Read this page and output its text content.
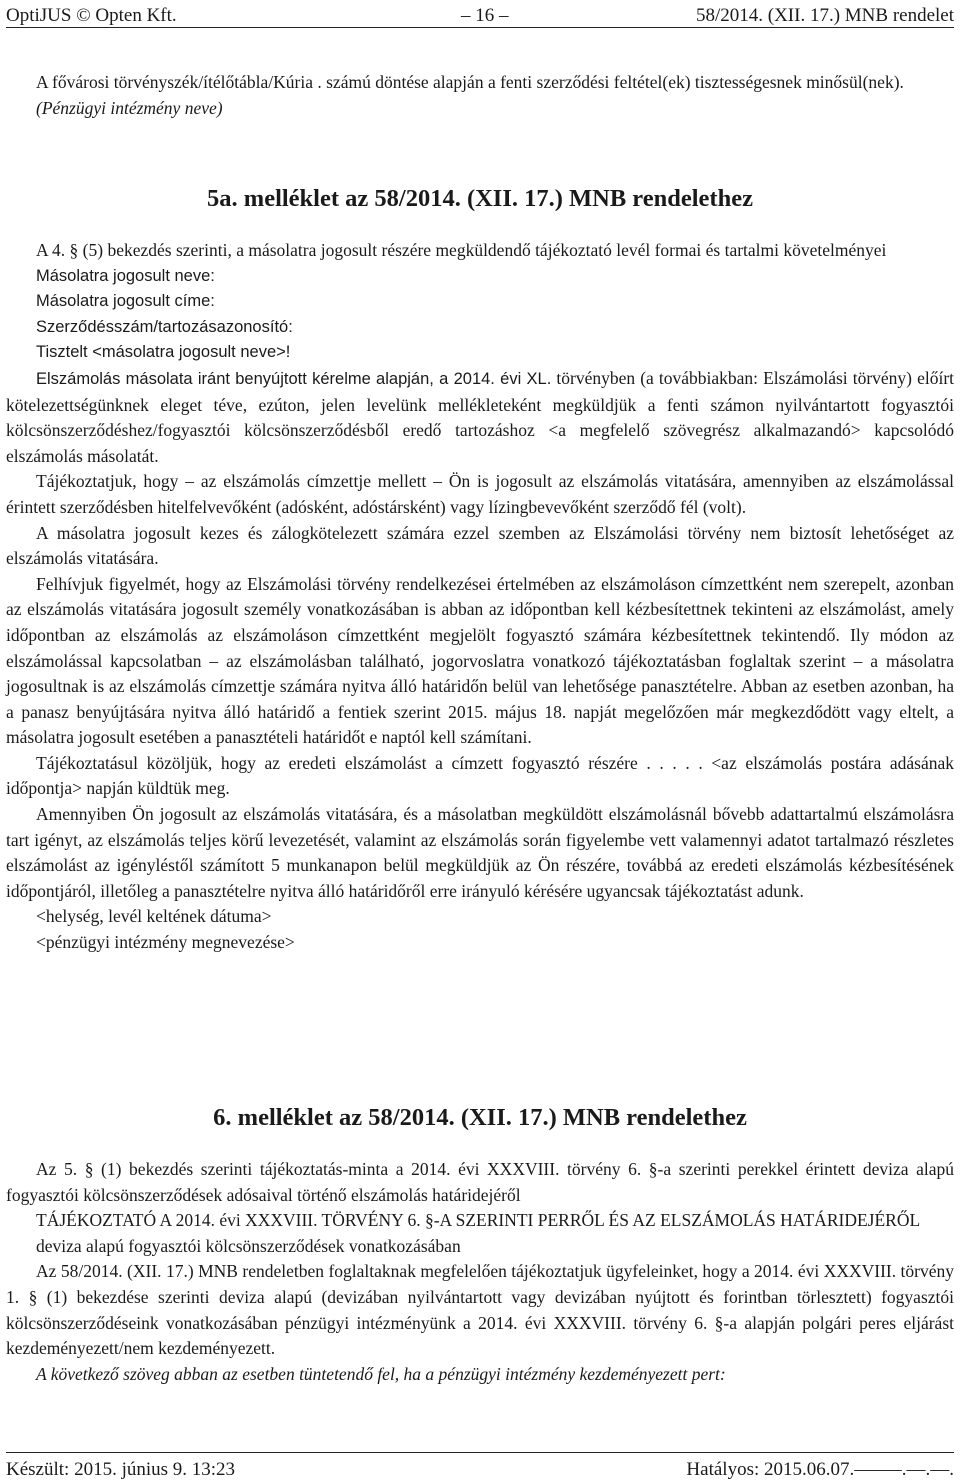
OptiJUS © Opten Kft.	– 16 –	58/2014. (XII. 17.) MNB rendelet

A fővárosi törvényszék/ítélőtábla/Kúria . számú döntése alapján a fenti szerződési feltétel(ek) tisztességesnek minősül(nek).

(Pénzügyi intézmény neve)

5a. melléklet az 58/2014. (XII. 17.) MNB rendelethez

A 4. § (5) bekezdés szerinti, a másolatra jogosult részére megküldendő tájékoztató levél formai és tartalmi követelményei

Másolatra jogosult neve:

Másolatra jogosult címe:

Szerződésszám/tartozásazonosító:

Tisztelt <másolatra jogosult neve>!

Elszámolás másolata iránt benyújtott kérelme alapján, a 2014. évi XL. törvényben (a továbbiakban: Elszámolási törvény) előírt kötelezettségünknek eleget téve, ezúton, jelen levelünk mellékleteként megküldjük a fenti számon nyilvántartott fogyasztói kölcsönszerződéshez/fogyasztói kölcsönszerződésből eredő tartozáshoz <a megfelelő szövegrész alkalmazandó> kapcsolódó elszámolás másolatát.

Tájékoztatjuk, hogy – az elszámolás címzettje mellett – Ön is jogosult az elszámolás vitatására, amennyiben az elszámolással érintett szerződésben hitelfelvevőként (adósként, adóstársként) vagy lízingbevevőként szerződő fél (volt).

A másolatra jogosult kezes és zálogkötelezett számára ezzel szemben az Elszámolási törvény nem biztosít lehetőséget az elszámolás vitatására.

Felhívjuk figyelmét, hogy az Elszámolási törvény rendelkezései értelmében az elszámoláson címzettként nem szerepelt, azonban az elszámolás vitatására jogosult személy vonatkozásában is abban az időpontban kell kézbesítettnek tekinteni az elszámolást, amely időpontban az elszámolás az elszámoláson címzettként megjelölt fogyasztó számára kézbesítettnek tekintendő. Ily módon az elszámolással kapcsolatban – az elszámolásban található, jogorvoslatra vonatkozó tájékoztatásban foglaltak szerint – a másolatra jogosultnak is az elszámolás címzettje számára nyitva álló határidőn belül van lehetősége panasztételre. Abban az esetben azonban, ha a panasz benyújtására nyitva álló határidő a fentiek szerint 2015. május 18. napját megelőzően már megkezdődött vagy eltelt, a másolatra jogosult esetében a panasztételi határidőt e naptól kell számítani.

Tájékoztatásul közöljük, hogy az eredeti elszámolást a címzett fogyasztó részére . . . . . <az elszámolás postára adásának időpontja> napján küldtük meg.

Amennyiben Ön jogosult az elszámolás vitatására, és a másolatban megküldött elszámolásnál bővebb adattartalmú elszámolásra tart igényt, az elszámolás teljes körű levezetését, valamint az elszámolás során figyelembe vett valamennyi adatot tartalmazó részletes elszámolást az igényléstől számított 5 munkanapon belül megküldjük az Ön részére, továbbá az eredeti elszámolás kézbesítésének időpontjáról, illetőleg a panasztételre nyitva álló határidőről erre irányuló kérésére ugyancsak tájékoztatást adunk.

<helység, levél keltének dátuma>

<pénzügyi intézmény megnevezése>

6. melléklet az 58/2014. (XII. 17.) MNB rendelethez

Az 5. § (1) bekezdés szerinti tájékoztatás-minta a 2014. évi XXXVIII. törvény 6. §-a szerinti perekkel érintett deviza alapú fogyasztói kölcsönszerződések adósaival történő elszámolás határidejéről

TÁJÉKOZTATÓ A 2014. évi XXXVIII. TÖRVÉNY 6. §-A SZERINTI PERRŐL ÉS AZ ELSZÁMOLÁS HATÁRIDEJÉRŐL

deviza alapú fogyasztói kölcsönszerződések vonatkozásában

Az 58/2014. (XII. 17.) MNB rendeletben foglaltaknak megfelelően tájékoztatjuk ügyfeleinket, hogy a 2014. évi XXXVIII. törvény 1. § (1) bekezdése szerinti deviza alapú (devizában nyilvántartott vagy devizában nyújtott és forintban törlesztett) fogyasztói kölcsönszerződéseink vonatkozásában pénzügyi intézményünk a 2014. évi XXXVIII. törvény 6. §-a alapján polgári peres eljárást kezdeményezett/nem kezdeményezett.

A következő szöveg abban az esetben tüntetendő fel, ha a pénzügyi intézmény kezdeményezett pert:

Készült: 2015. június 9. 13:23	Hatályos: 2015.06.07.–––––.––.––.
